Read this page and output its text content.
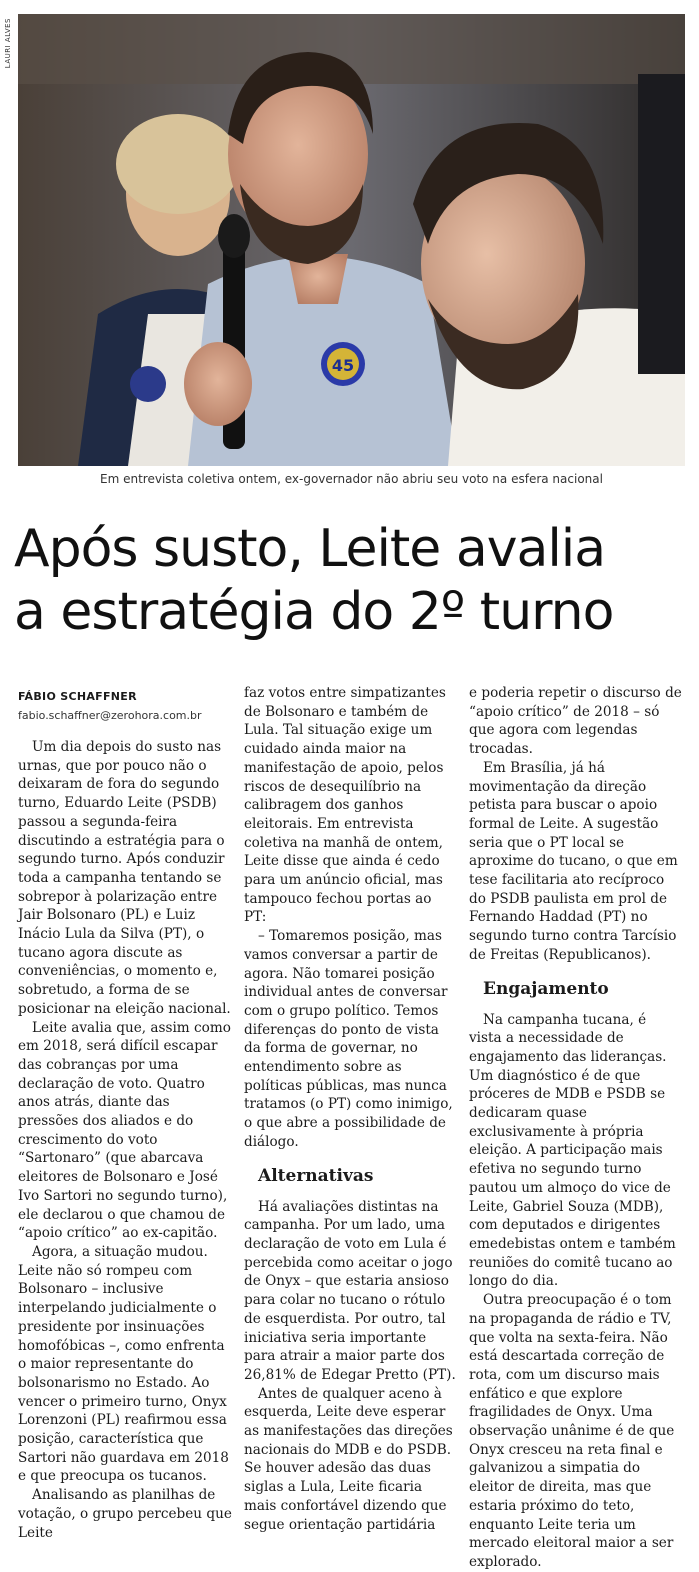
LAURI ALVES
45
Em entrevista coletiva ontem, ex-governador não abriu seu voto na esfera nacional
Após susto, Leite avalia
a estratégia do 2º turno
FÁBIO SCHAFFNER
fabio.schaffner@zerohora.com.br

Um dia depois do susto nas urnas, que por pouco não o deixaram de fora do segundo turno, Eduardo Leite (PSDB) passou a segunda-feira discutindo a estratégia para o segundo turno. Após conduzir toda a campanha tentando se sobrepor à polarização entre Jair Bolsonaro (PL) e Luiz Inácio Lula da Silva (PT), o tucano agora discute as conveniências, o momento e, sobretudo, a forma de se posicionar na eleição nacional.

Leite avalia que, assim como em 2018, será difícil escapar das cobranças por uma declaração de voto. Quatro anos atrás, diante das pressões dos aliados e do crescimento do voto “Sartonaro” (que abarcava eleitores de Bolsonaro e José Ivo Sartori no segundo turno), ele declarou o que chamou de “apoio crítico” ao ex-capitão.

Agora, a situação mudou. Leite não só rompeu com Bolsonaro – inclusive interpelando judicialmente o presidente por insinuações homofóbicas –, como enfrenta o maior representante do bolsonarismo no Estado. Ao vencer o primeiro turno, Onyx Lorenzoni (PL) reafirmou essa posição, característica que Sartori não guardava em 2018 e que preocupa os tucanos.

Analisando as planilhas de votação, o grupo percebeu que Leite

faz votos entre simpatizantes de Bolsonaro e também de Lula. Tal situação exige um cuidado ainda maior na manifestação de apoio, pelos riscos de desequilíbrio na calibragem dos ganhos eleitorais. Em entrevista coletiva na manhã de ontem, Leite disse que ainda é cedo para um anúncio oficial, mas tampouco fechou portas ao PT:

– Tomaremos posição, mas vamos conversar a partir de agora. Não tomarei posição individual antes de conversar com o grupo político. Temos diferenças do ponto de vista da forma de governar, no entendimento sobre as políticas públicas, mas nunca tratamos (o PT) como inimigo, o que abre a possibilidade de diálogo.

Alternativas

Há avaliações distintas na campanha. Por um lado, uma declaração de voto em Lula é percebida como aceitar o jogo de Onyx – que estaria ansioso para colar no tucano o rótulo de esquerdista. Por outro, tal iniciativa seria importante para atrair a maior parte dos 26,81% de Edegar Pretto (PT).

Antes de qualquer aceno à esquerda, Leite deve esperar as manifestações das direções nacionais do MDB e do PSDB. Se houver adesão das duas siglas a Lula, Leite ficaria mais confortável dizendo que segue orientação partidária

e poderia repetir o discurso de “apoio crítico” de 2018 – só que agora com legendas trocadas.

Em Brasília, já há movimentação da direção petista para buscar o apoio formal de Leite. A sugestão seria que o PT local se aproxime do tucano, o que em tese facilitaria ato recíproco do PSDB paulista em prol de Fernando Haddad (PT) no segundo turno contra Tarcísio de Freitas (Republicanos).

Engajamento

Na campanha tucana, é vista a necessidade de engajamento das lideranças. Um diagnóstico é de que próceres de MDB e PSDB se dedicaram quase exclusivamente à própria eleição. A participação mais efetiva no segundo turno pautou um almoço do vice de Leite, Gabriel Souza (MDB), com deputados e dirigentes emedebistas ontem e também reuniões do comitê tucano ao longo do dia.

Outra preocupação é o tom na propaganda de rádio e TV, que volta na sexta-feira. Não está descartada correção de rota, com um discurso mais enfático e que explore fragilidades de Onyx. Uma observação unânime é de que Onyx cresceu na reta final e galvanizou a simpatia do eleitor de direita, mas que estaria próximo do teto, enquanto Leite teria um mercado eleitoral maior a ser explorado.
